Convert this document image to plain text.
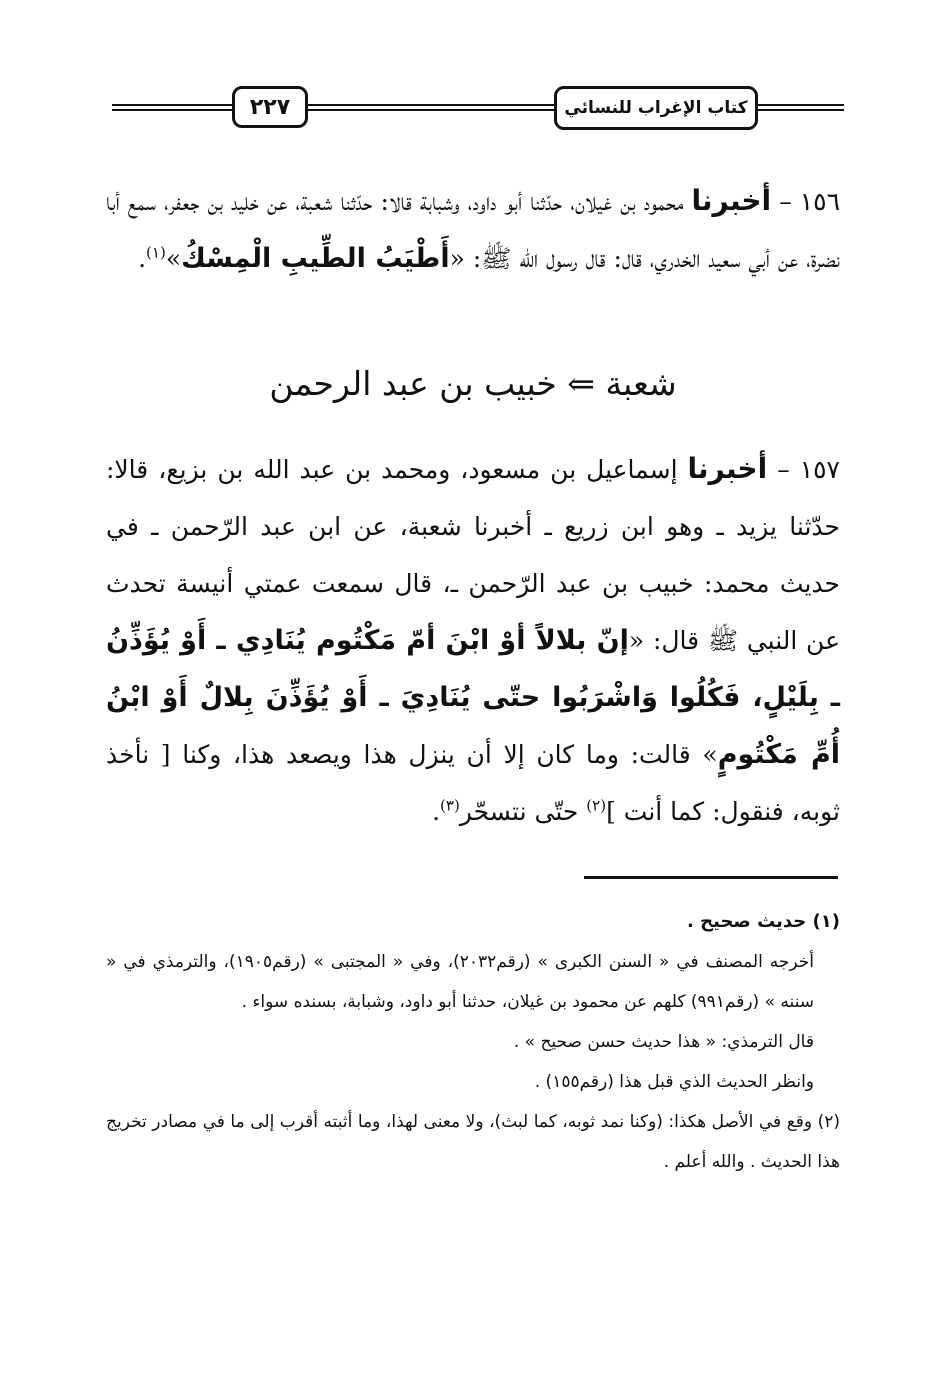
٢٢٧	كتاب الإغراب للنسائي
١٥٦ – أخبرنا محمود بن غيلان، حدّثنا أبو داود، وشبابة قالا: حدّثنا شعبة، عن خليد بن جعفر، سمع أبا نضرة، عن أبي سعيد الخدري، قال: قال رسول الله ﷺ: «أَطْيَبُ الطِّيبِ الْمِسْكُ»$^{(١)}$.
شعبة ⇐ خبيب بن عبد الرحمن
١٥٧ – أخبرنا إسماعيل بن مسعود، ومحمد بن عبد الله بن بزيع، قالا: حدّثنا يزيد ـ وهو ابن زريع ـ أخبرنا شعبة، عن ابن عبد الرّحمن ـ في حديث محمد: خبيب بن عبد الرّحمن ـ، قال سمعت عمتي أنيسة تحدث عن النبي ﷺ قال: «إنّ بلالاً أوْ ابْنَ أمّ مَكْتُوم يُنَادِي ـ أَوْ يُؤَذِّنُ ـ بِلَيْلٍ، فَكُلُوا وَاشْرَبُوا حتّى يُنَادِيَ ـ أَوْ يُؤَذِّنَ بِلالٌ أَوْ ابْنُ أُمِّ مَكْتُومٍ» قالت: وما كان إلا أن ينزل هذا ويصعد هذا، وكنا [ نأخذ ثوبه، فنقول: كما أنت ]$^{(٢)}$ حتّى نتسحّر$^{(٣)}$.
(١) حديث صحيح .
أخرجه المصنف في « السنن الكبرى » (رقم٢٠٣٢)، وفي « المجتبى » (رقم١٩٠٥)، والترمذي في « سننه » (رقم٩٩١) كلهم عن محمود بن غيلان، حدثنا أبو داود، وشبابة، بسنده سواء .
قال الترمذي: « هذا حديث حسن صحيح » .
وانظر الحديث الذي قبل هذا (رقم١٥٥) .
(٢) وقع في الأصل هكذا: (وكنا نمد ثوبه، كما لبث)، ولا معنى لهذا، وما أثبته أقرب إلى ما في مصادر تخريج هذا الحديث . والله أعلم .
